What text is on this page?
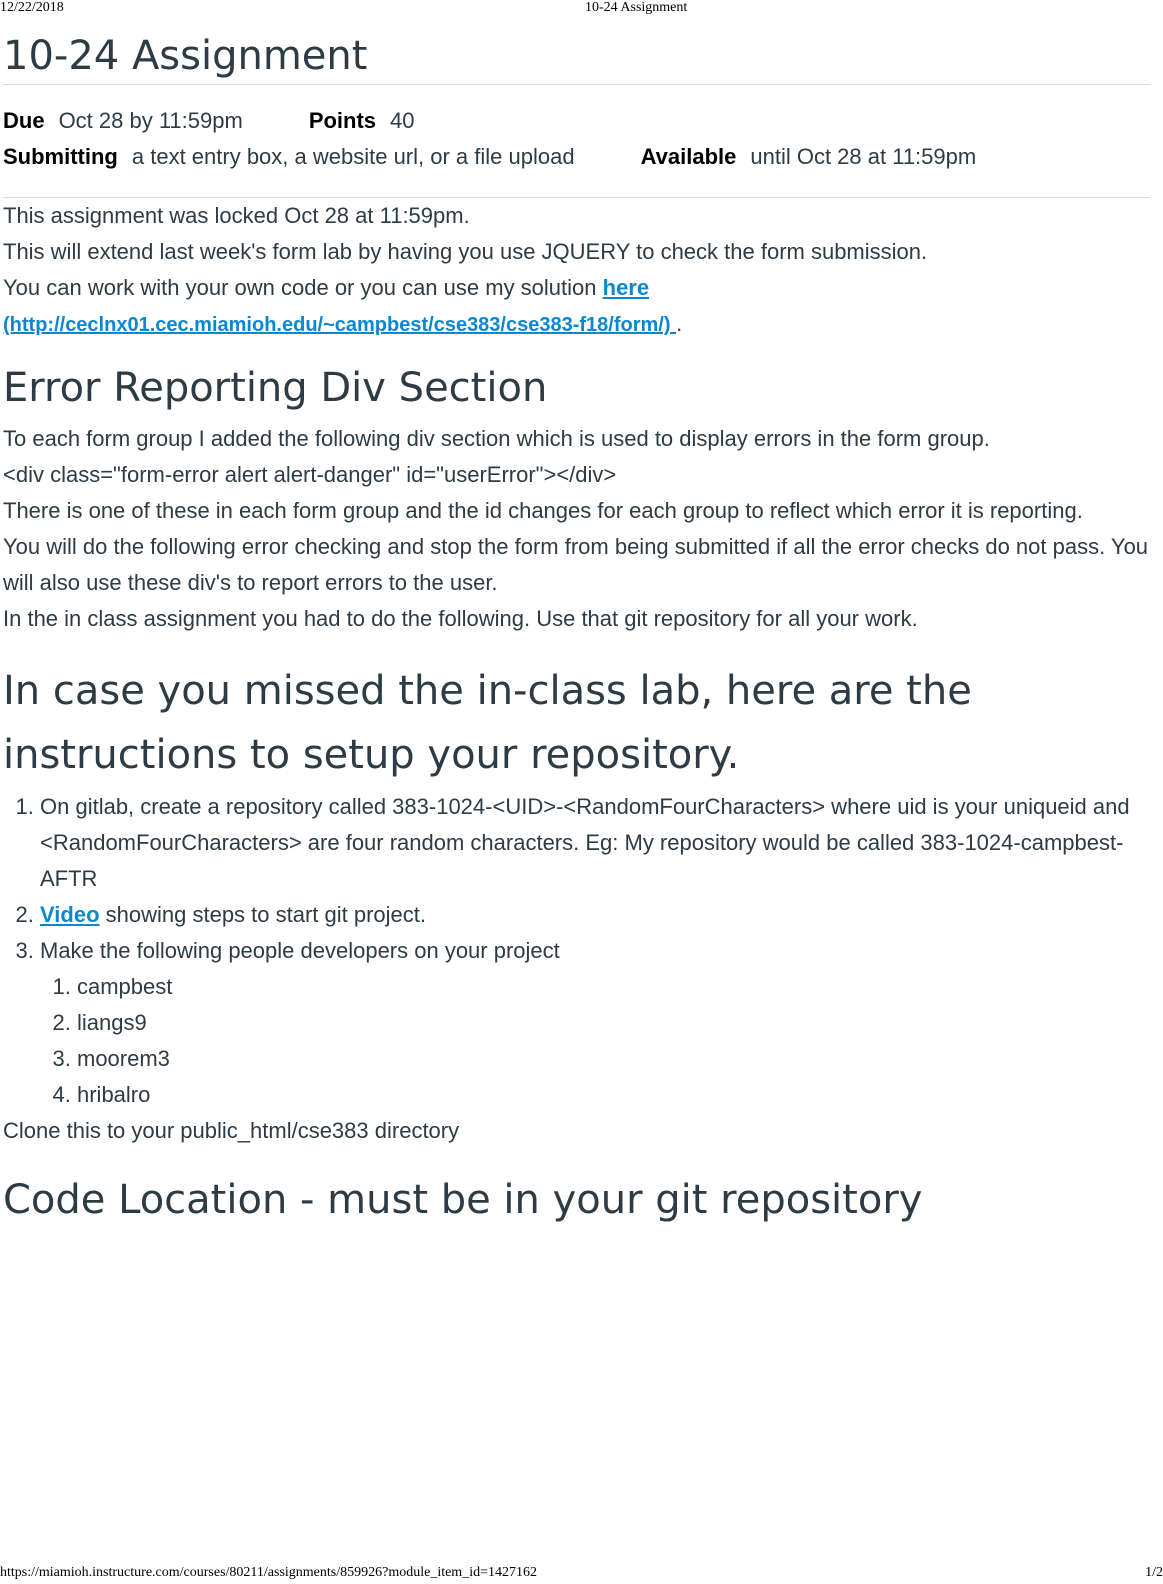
12/22/2018	10-24 Assignment
10-24 Assignment
Due Oct 28 by 11:59pm	Points 40
Submitting a text entry box, a website url, or a file upload	Available until Oct 28 at 11:59pm

This assignment was locked Oct 28 at 11:59pm.

This will extend last week's form lab by having you use JQUERY to check the form submission.

You can work with your own code or you can use my solution here
(http://ceclnx01.cec.miamioh.edu/~campbest/cse383/cse383-f18/form/) .

Error Reporting Div Section

To each form group I added the following div section which is used to display errors in the form group.

<div class="form-error alert alert-danger" id="userError"></div>

There is one of these in each form group and the id changes for each group to reflect which error it is reporting.

You will do the following error checking and stop the form from being submitted if all the error checks do not pass. You will also use these div's to report errors to the user.

In the in class assignment you had to do the following. Use that git repository for all your work.

In case you missed the in-class lab, here are the instructions to setup your repository.
1. On gitlab, create a repository called 383-1024-<UID>-<RandomFourCharacters> where uid is your uniqueid and <RandomFourCharacters> are four random characters. Eg: My repository would be called 383-1024-campbest-AFTR
2. Video showing steps to start git project.
3. Make the following people developers on your project
1. campbest
2. liangs9
3. moorem3
4. hribalro

Clone this to your public_html/cse383 directory

Code Location - must be in your git repository
https://miamioh.instructure.com/courses/80211/assignments/859926?module_item_id=1427162	1/2
